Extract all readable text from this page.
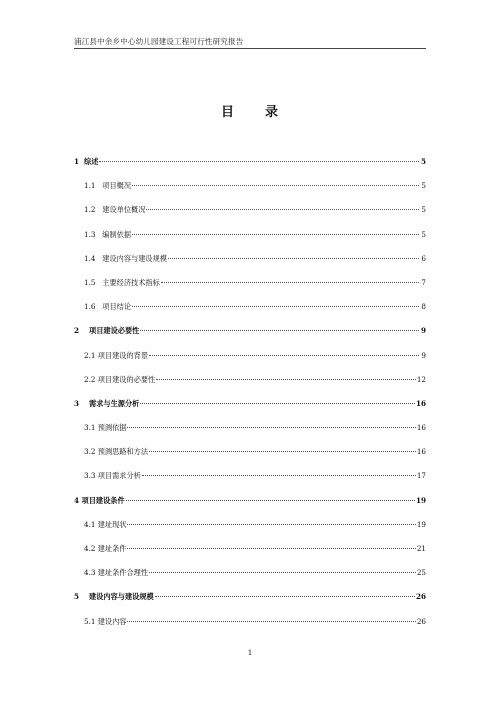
浦江县中余乡中心幼儿园建设工程可行性研究报告
目 录
1  综述	5
1.1   项目概况	5
1.2   建设单位概况	5
1.3   编制依据	5
1.4   建设内容与建设规模	6
1.5   主要经济技术指标	7
1.6   项目结论	8
2    项目建设必要性	9
2.1 项目建设的背景	9
2.2 项目建设的必要性	12
3    需求与生源分析	16
3.1 预测依据	16
3.2 预测思路和方法	16
3.3 项目需求分析	17
4 项目建设条件	19
4.1 建址现状	19
4.2 建址条件	21
4.3 建址条件合理性	25
5    建设内容与建设规模	26
5.1 建设内容	26
1
